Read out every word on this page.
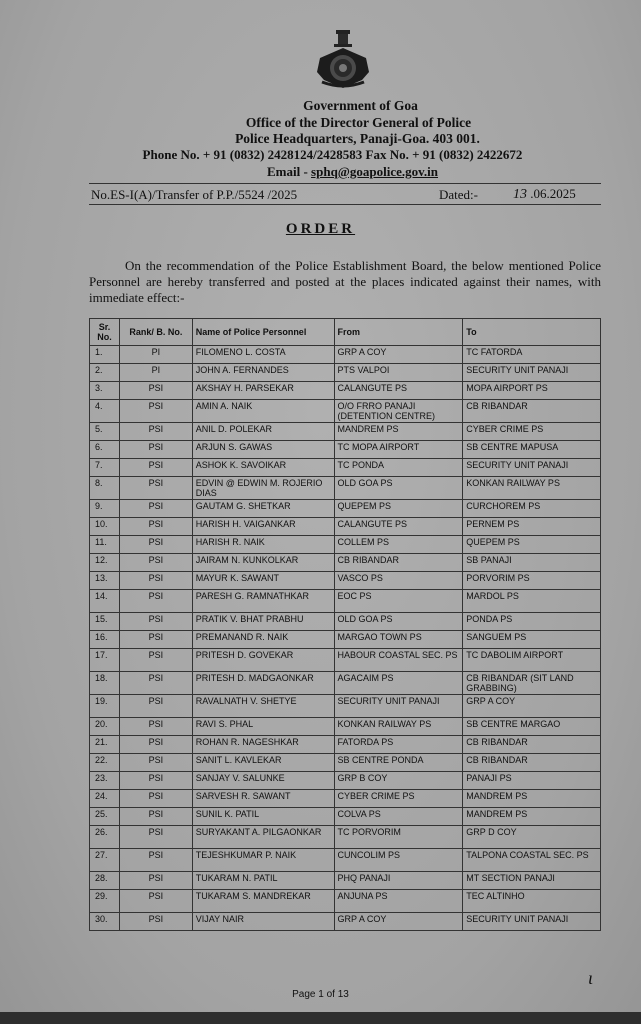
Government of Goa
Office of the Director General of Police
Police Headquarters, Panaji-Goa. 403 001.
Phone No. + 91 (0832) 2428124/2428583 Fax No. + 91 (0832) 2422672
Email - sphq@goapolice.gov.in
No.ES-I(A)/Transfer of P.P./5524 /2025	Dated:-	13 .06.2025
ORDER
On the recommendation of the Police Establishment Board, the below mentioned Police Personnel are hereby transferred and posted at the places indicated against their names, with immediate effect:-
Sr. No.	Rank/ B. No.	Name of Police Personnel	From	To
1.	PI	FILOMENO L. COSTA	GRP A COY	TC FATORDA
2.	PI	JOHN A. FERNANDES	PTS VALPOI	SECURITY UNIT PANAJI
3.	PSI	AKSHAY H. PARSEKAR	CALANGUTE PS	MOPA AIRPORT PS
4.	PSI	AMIN A. NAIK	O/O FRRO PANAJI (DETENTION CENTRE)	CB RIBANDAR
5.	PSI	ANIL D. POLEKAR	MANDREM PS	CYBER CRIME PS
6.	PSI	ARJUN S. GAWAS	TC MOPA AIRPORT	SB CENTRE MAPUSA
7.	PSI	ASHOK K. SAVOIKAR	TC PONDA	SECURITY UNIT PANAJI
8.	PSI	EDVIN @ EDWIN M. ROJERIO DIAS	OLD GOA PS	KONKAN RAILWAY PS
9.	PSI	GAUTAM G. SHETKAR	QUEPEM PS	CURCHOREM PS
10.	PSI	HARISH H. VAIGANKAR	CALANGUTE PS	PERNEM PS
11.	PSI	HARISH R. NAIK	COLLEM PS	QUEPEM PS
12.	PSI	JAIRAM N. KUNKOLKAR	CB RIBANDAR	SB PANAJI
13.	PSI	MAYUR K. SAWANT	VASCO PS	PORVORIM PS
14.	PSI	PARESH G. RAMNATHKAR	EOC PS	MARDOL PS
15.	PSI	PRATIK V. BHAT PRABHU	OLD GOA PS	PONDA PS
16.	PSI	PREMANAND R. NAIK	MARGAO TOWN PS	SANGUEM PS
17.	PSI	PRITESH D. GOVEKAR	HABOUR COASTAL SEC. PS	TC DABOLIM AIRPORT
18.	PSI	PRITESH D. MADGAONKAR	AGACAIM PS	CB RIBANDAR (SIT LAND GRABBING)
19.	PSI	RAVALNATH V. SHETYE	SECURITY UNIT PANAJI	GRP A COY
20.	PSI	RAVI S. PHAL	KONKAN RAILWAY PS	SB CENTRE MARGAO
21.	PSI	ROHAN R. NAGESHKAR	FATORDA PS	CB RIBANDAR
22.	PSI	SANIT L. KAVLEKAR	SB CENTRE PONDA	CB RIBANDAR
23.	PSI	SANJAY V. SALUNKE	GRP B COY	PANAJI PS
24.	PSI	SARVESH R. SAWANT	CYBER CRIME PS	MANDREM PS
25.	PSI	SUNIL K. PATIL	COLVA PS	MANDREM PS
26.	PSI	SURYAKANT A. PILGAONKAR	TC PORVORIM	GRP D COY
27.	PSI	TEJESHKUMAR P. NAIK	CUNCOLIM PS	TALPONA COASTAL SEC. PS
28.	PSI	TUKARAM N. PATIL	PHQ PANAJI	MT SECTION PANAJI
29.	PSI	TUKARAM S. MANDREKAR	ANJUNA PS	TEC ALTINHO
30.	PSI	VIJAY NAIR	GRP A COY	SECURITY UNIT PANAJI
ɩ
Page 1 of 13
